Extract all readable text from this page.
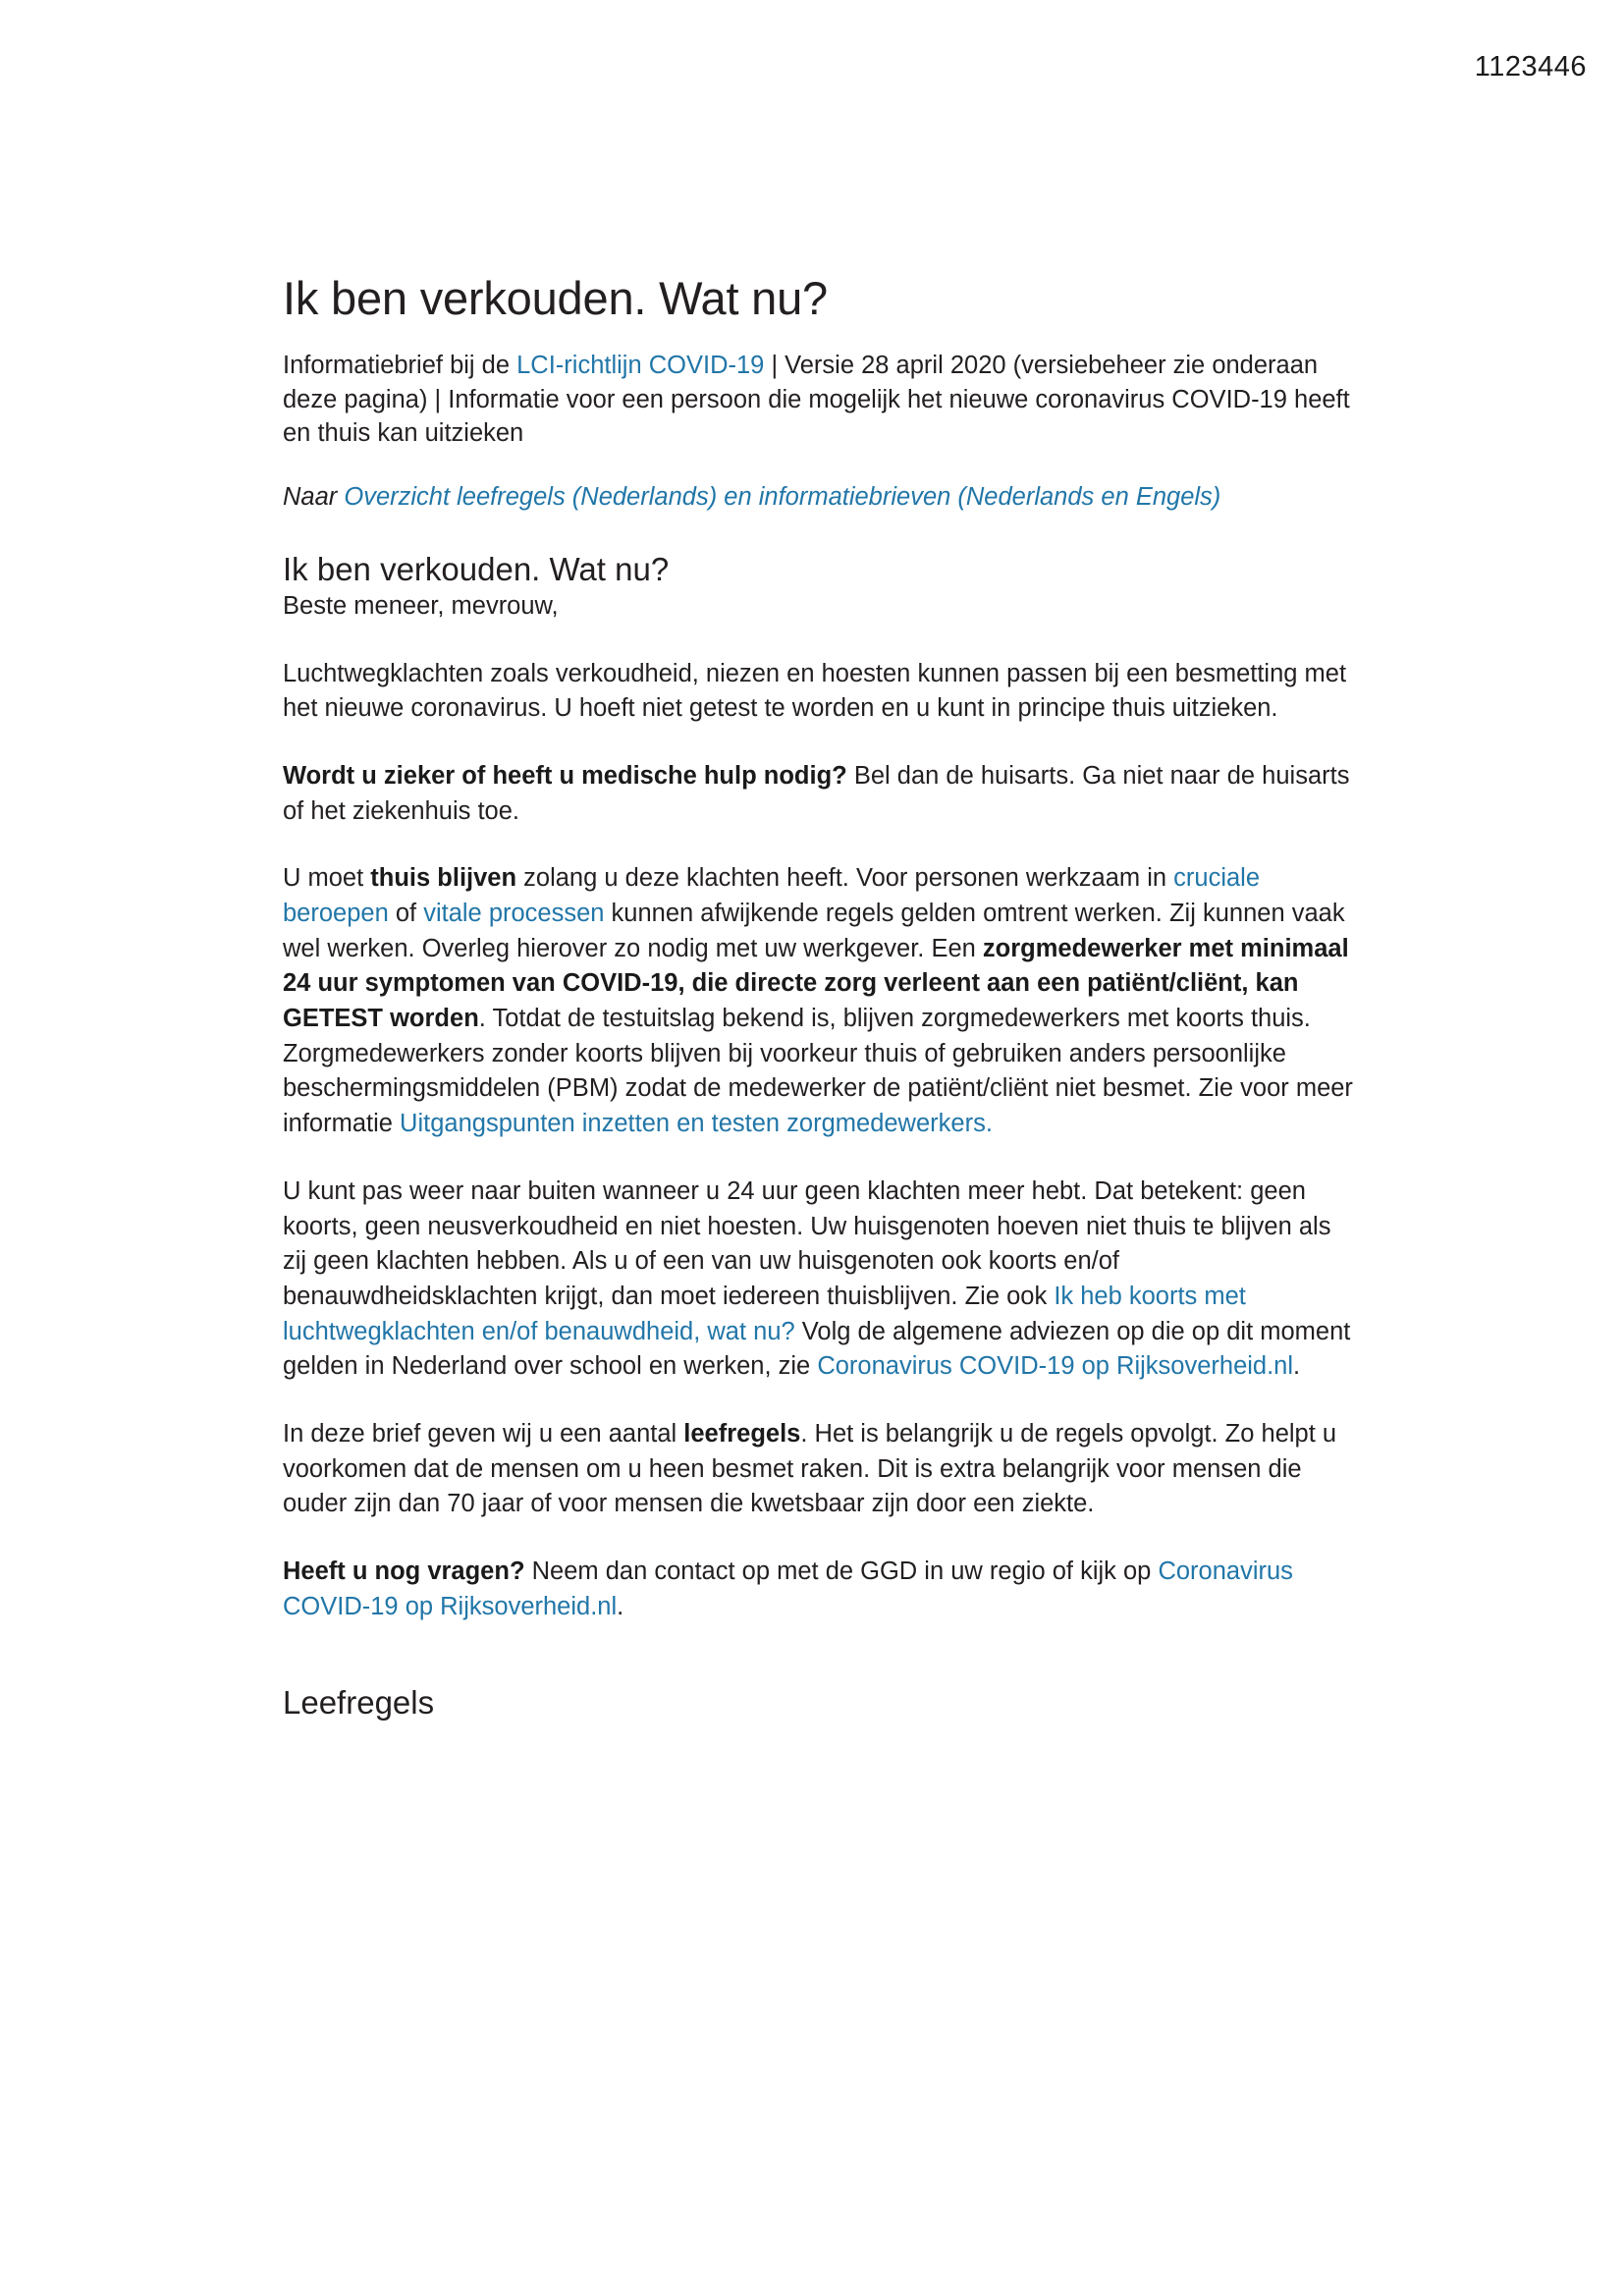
1123446
Ik ben verkouden. Wat nu?

Informatiebrief bij de LCI-richtlijn COVID-19 | Versie 28 april 2020 (versiebeheer zie onderaan deze pagina) | Informatie voor een persoon die mogelijk het nieuwe coronavirus COVID-19 heeft en thuis kan uitzieken

Naar Overzicht leefregels (Nederlands) en informatiebrieven (Nederlands en Engels)

Ik ben verkouden. Wat nu?

Beste meneer, mevrouw,

Luchtwegklachten zoals verkoudheid, niezen en hoesten kunnen passen bij een besmetting met het nieuwe coronavirus. U hoeft niet getest te worden en u kunt in principe thuis uitzieken.

Wordt u zieker of heeft u medische hulp nodig? Bel dan de huisarts. Ga niet naar de huisarts of het ziekenhuis toe.

U moet thuis blijven zolang u deze klachten heeft. Voor personen werkzaam in cruciale beroepen of vitale processen kunnen afwijkende regels gelden omtrent werken. Zij kunnen vaak wel werken. Overleg hierover zo nodig met uw werkgever. Een zorgmedewerker met minimaal 24 uur symptomen van COVID-19, die directe zorg verleent aan een patiënt/cliënt, kan GETEST worden. Totdat de testuitslag bekend is, blijven zorgmedewerkers met koorts thuis. Zorgmedewerkers zonder koorts blijven bij voorkeur thuis of gebruiken anders persoonlijke beschermingsmiddelen (PBM) zodat de medewerker de patiënt/cliënt niet besmet. Zie voor meer informatie Uitgangspunten inzetten en testen zorgmedewerkers.

U kunt pas weer naar buiten wanneer u 24 uur geen klachten meer hebt. Dat betekent: geen koorts, geen neusverkoudheid en niet hoesten. Uw huisgenoten hoeven niet thuis te blijven als zij geen klachten hebben. Als u of een van uw huisgenoten ook koorts en/of benauwdheidsklachten krijgt, dan moet iedereen thuisblijven. Zie ook Ik heb koorts met luchtwegklachten en/of benauwdheid, wat nu? Volg de algemene adviezen op die op dit moment gelden in Nederland over school en werken, zie Coronavirus COVID-19 op Rijksoverheid.nl.

In deze brief geven wij u een aantal leefregels. Het is belangrijk u de regels opvolgt. Zo helpt u voorkomen dat de mensen om u heen besmet raken. Dit is extra belangrijk voor mensen die ouder zijn dan 70 jaar of voor mensen die kwetsbaar zijn door een ziekte.

Heeft u nog vragen? Neem dan contact op met de GGD in uw regio of kijk op Coronavirus COVID-19 op Rijksoverheid.nl.

Leefregels
